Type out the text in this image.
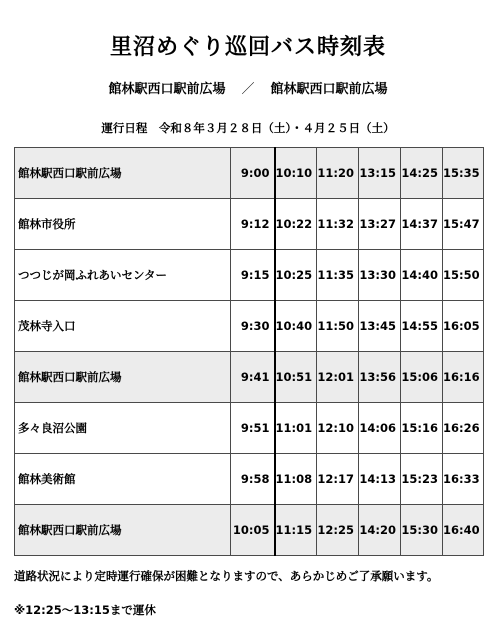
里沼めぐり巡回バス時刻表
館林駅西口駅前広場 ／ 館林駅西口駅前広場
運行日程　令和８年３月２８日（土）・４月２５日（土）
館林駅西口駅前広場	9:00	10:10	11:20	13:15	14:25	15:35
館林市役所	9:12	10:22	11:32	13:27	14:37	15:47
つつじが岡ふれあいセンター	9:15	10:25	11:35	13:30	14:40	15:50
茂林寺入口	9:30	10:40	11:50	13:45	14:55	16:05
館林駅西口駅前広場	9:41	10:51	12:01	13:56	15:06	16:16
多々良沼公園	9:51	11:01	12:10	14:06	15:16	16:26
館林美術館	9:58	11:08	12:17	14:13	15:23	16:33
館林駅西口駅前広場	10:05	11:15	12:25	14:20	15:30	16:40
道路状況により定時運行確保が困難となりますので、あらかじめご了承願います。
※12:25～13:15まで運休
